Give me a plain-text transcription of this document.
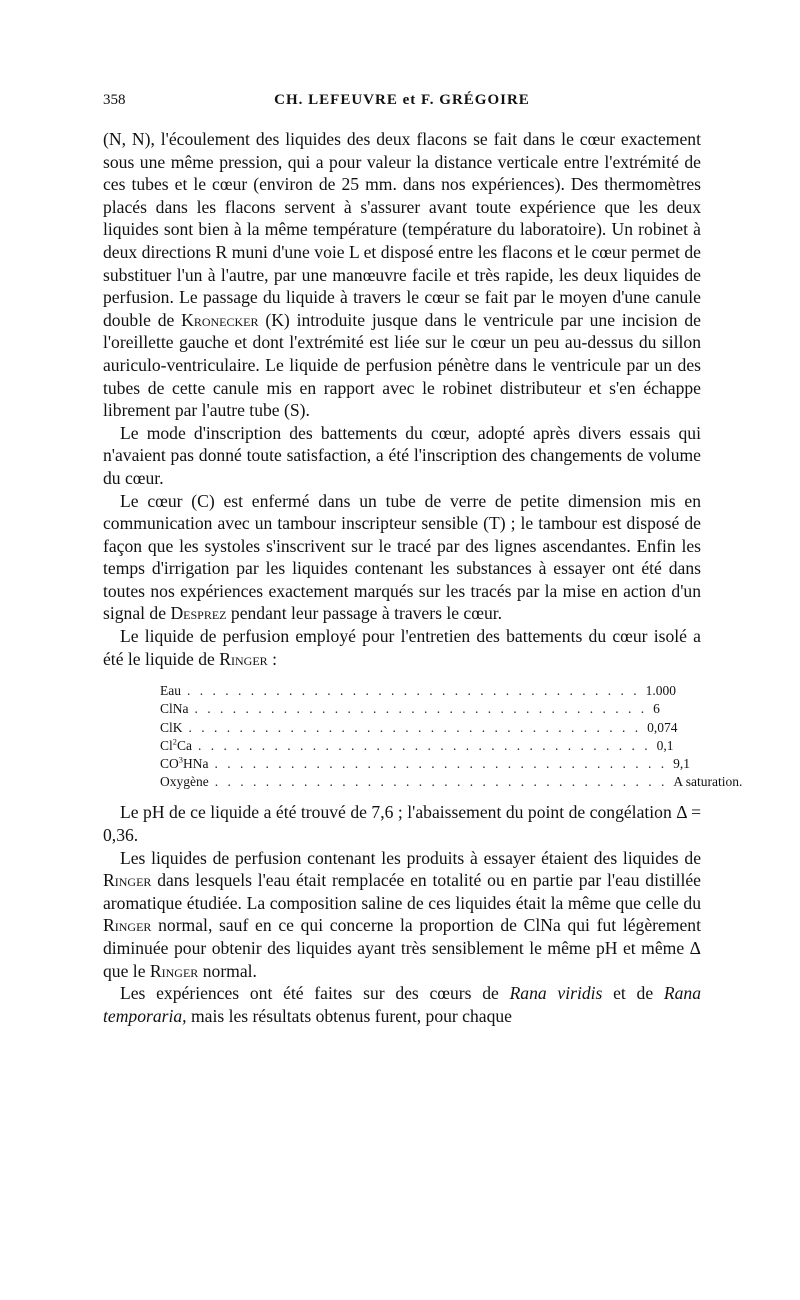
358	CH. LEFEUVRE et F. GRÉGOIRE

(N, N), l'écoulement des liquides des deux flacons se fait dans le cœur exactement sous une même pression, qui a pour valeur la distance verticale entre l'extrémité de ces tubes et le cœur (environ de 25 mm. dans nos expériences). Des thermomètres placés dans les flacons servent à s'assurer avant toute expérience que les deux liquides sont bien à la même température (température du laboratoire). Un robinet à deux directions R muni d'une voie L et disposé entre les flacons et le cœur permet de substituer l'un à l'autre, par une manœuvre facile et très rapide, les deux liquides de perfusion. Le passage du liquide à travers le cœur se fait par le moyen d'une canule double de Kronecker (K) introduite jusque dans le ventricule par une incision de l'oreillette gauche et dont l'extrémité est liée sur le cœur un peu au-dessus du sillon auriculo-ventriculaire. Le liquide de perfusion pénètre dans le ventricule par un des tubes de cette canule mis en rapport avec le robinet distributeur et s'en échappe librement par l'autre tube (S).

Le mode d'inscription des battements du cœur, adopté après divers essais qui n'avaient pas donné toute satisfaction, a été l'inscription des changements de volume du cœur.

Le cœur (C) est enfermé dans un tube de verre de petite dimension mis en communication avec un tambour inscripteur sensible (T) ; le tambour est disposé de façon que les systoles s'inscrivent sur le tracé par des lignes ascendantes. Enfin les temps d'irrigation par les liquides contenant les substances à essayer ont été dans toutes nos expériences exactement marqués sur les tracés par la mise en action d'un signal de Desprez pendant leur passage à travers le cœur.

Le liquide de perfusion employé pour l'entretien des battements du cœur isolé a été le liquide de Ringer :

Eau . . . . . . . . . . . . . . . . . . . . . . . . . . . . . . . . . . . . 1.000
ClNa . . . . . . . . . . . . . . . . . . . . . . . . . . . . . . . . . . . . 6
ClK . . . . . . . . . . . . . . . . . . . . . . . . . . . . . . . . . . . . 0,074
Cl$^2$Ca . . . . . . . . . . . . . . . . . . . . . . . . . . . . . . . . . . . . 0,1
$CO^3HNa$ . . . . . . . . . . . . . . . . . . . . . . . . . . . . . . . . . . . . 9,1
Oxygène . . . . . . . . . . . . . . . . . . . . . . . . . . . . . . . . . . . . A saturation.

Le pH de ce liquide a été trouvé de 7,6 ; l'abaissement du point de congélation Δ = 0,36.

Les liquides de perfusion contenant les produits à essayer étaient des liquides de Ringer dans lesquels l'eau était remplacée en totalité ou en partie par l'eau distillée aromatique étudiée. La composition saline de ces liquides était la même que celle du Ringer normal, sauf en ce qui concerne la proportion de ClNa qui fut légèrement diminuée pour obtenir des liquides ayant très sensiblement le même pH et même Δ que le Ringer normal.

Les expériences ont été faites sur des cœurs de Rana viridis et de Rana temporaria, mais les résultats obtenus furent, pour chaque
